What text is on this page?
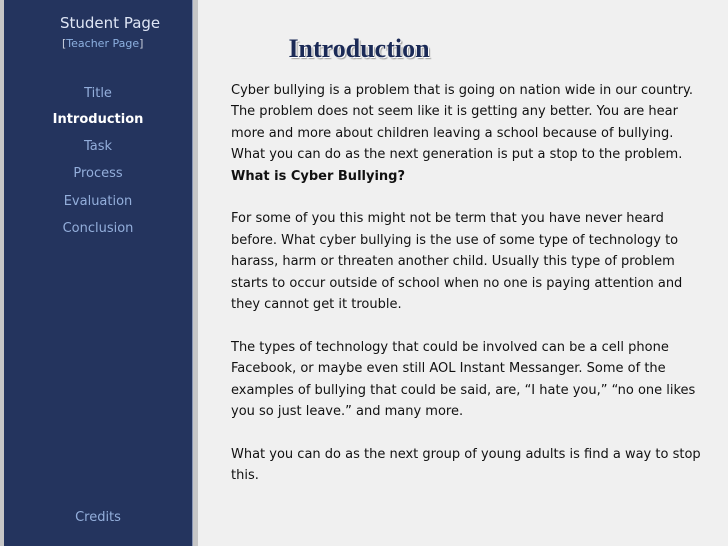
Student Page
[Teacher Page]
Title
Introduction
Task
Process
Evaluation
Conclusion
Credits
Introduction

Cyber bullying is a problem that is going on nation wide in our country. The problem does not seem like it is getting any better. You are hear more and more about children leaving a school because of bullying. What you can do as the next generation is put a stop to the problem.

What is Cyber Bullying?

For some of you this might not be term that you have never heard before. What cyber bullying is the use of some type of technology to harass, harm or threaten another child. Usually this type of problem starts to occur outside of school when no one is paying attention and they cannot get it trouble.

The types of technology that could be involved can be a cell phone Facebook, or maybe even still AOL Instant Messanger. Some of the examples of bullying that could be said, are, “I hate you,” “no one likes you so just leave.” and many more.

What you can do as the next group of young adults is find a way to stop this.
